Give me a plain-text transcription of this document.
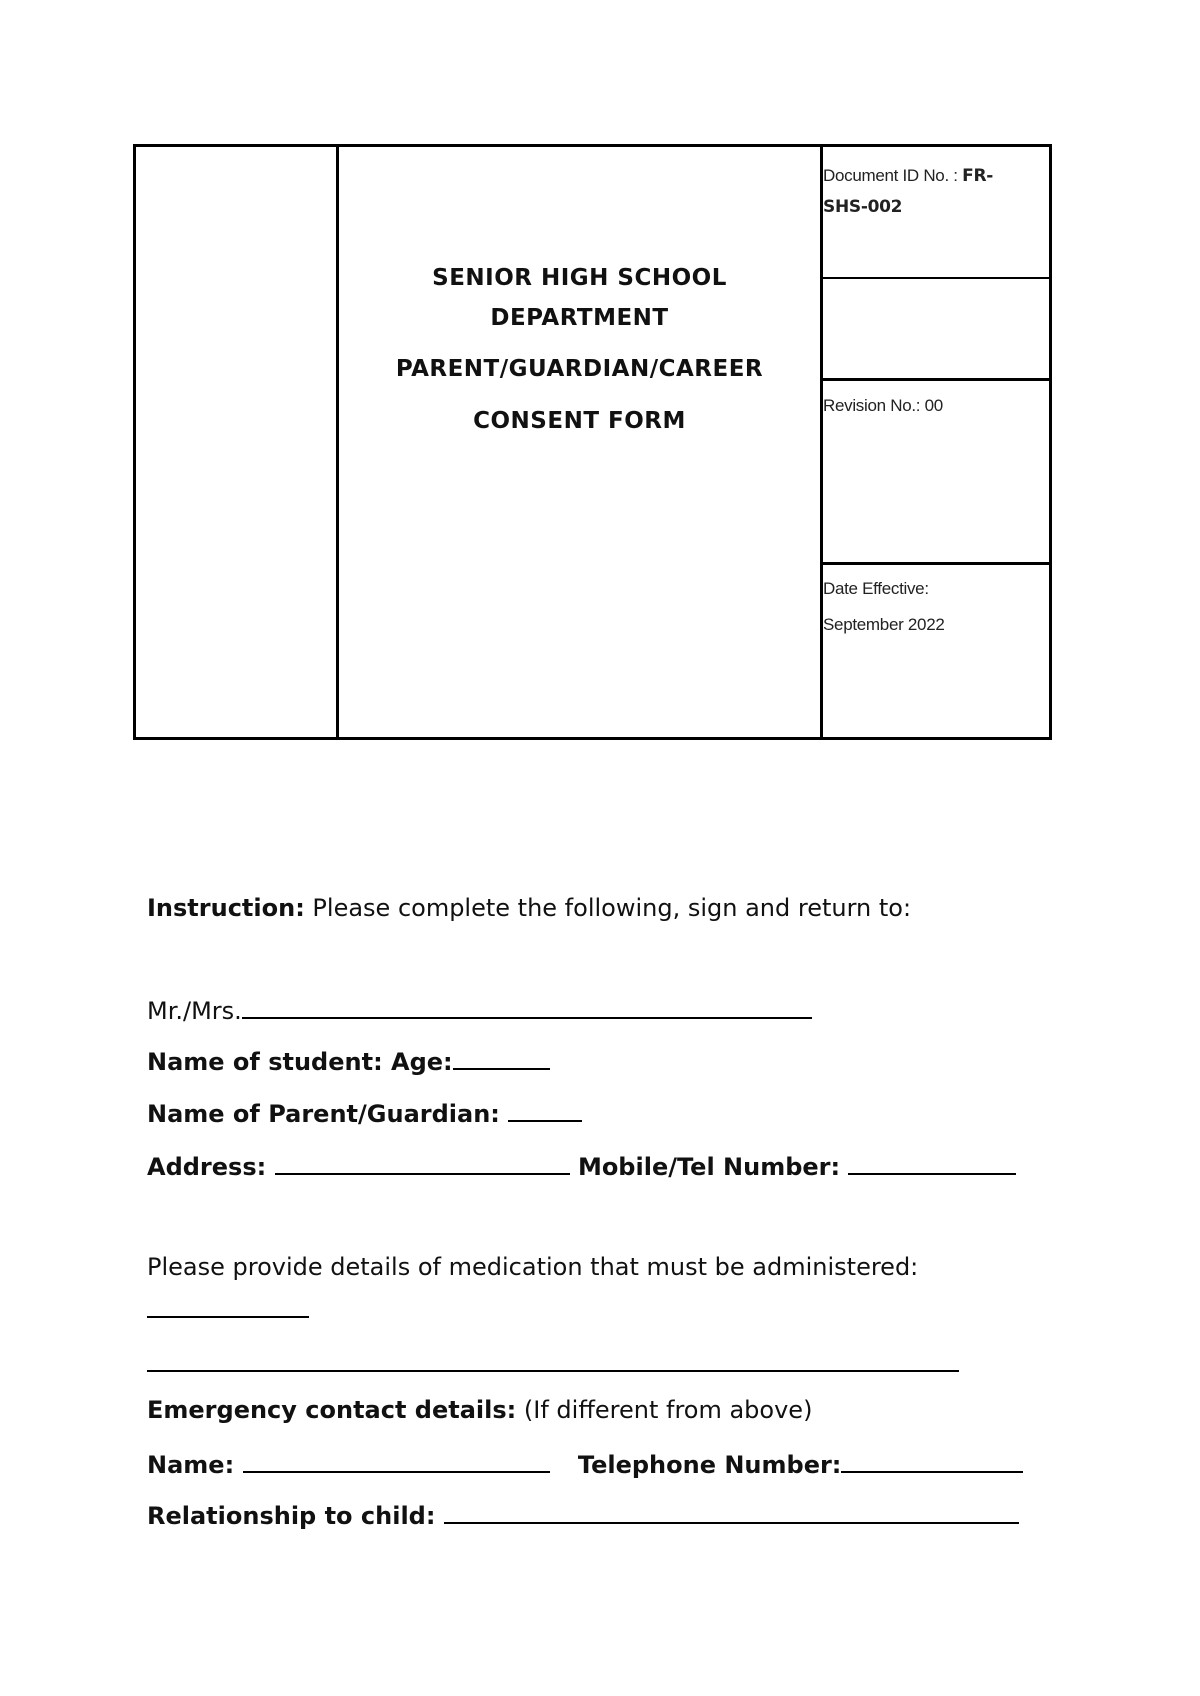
SENIOR HIGH SCHOOL
DEPARTMENT
PARENT/GUARDIAN/CAREER
CONSENT FORM
Document ID No. : FR-
SHS-002
Revision No.: 00
Date Effective:
September 2022
Instruction: Please complete the following, sign and return to:
Mr./Mrs.
Name of student: Age:
Name of Parent/Guardian:
Address:	Mobile/Tel Number:
Please provide details of medication that must be administered:
Emergency contact details: (If different from above)
Name:	Telephone Number:
Relationship to child:
